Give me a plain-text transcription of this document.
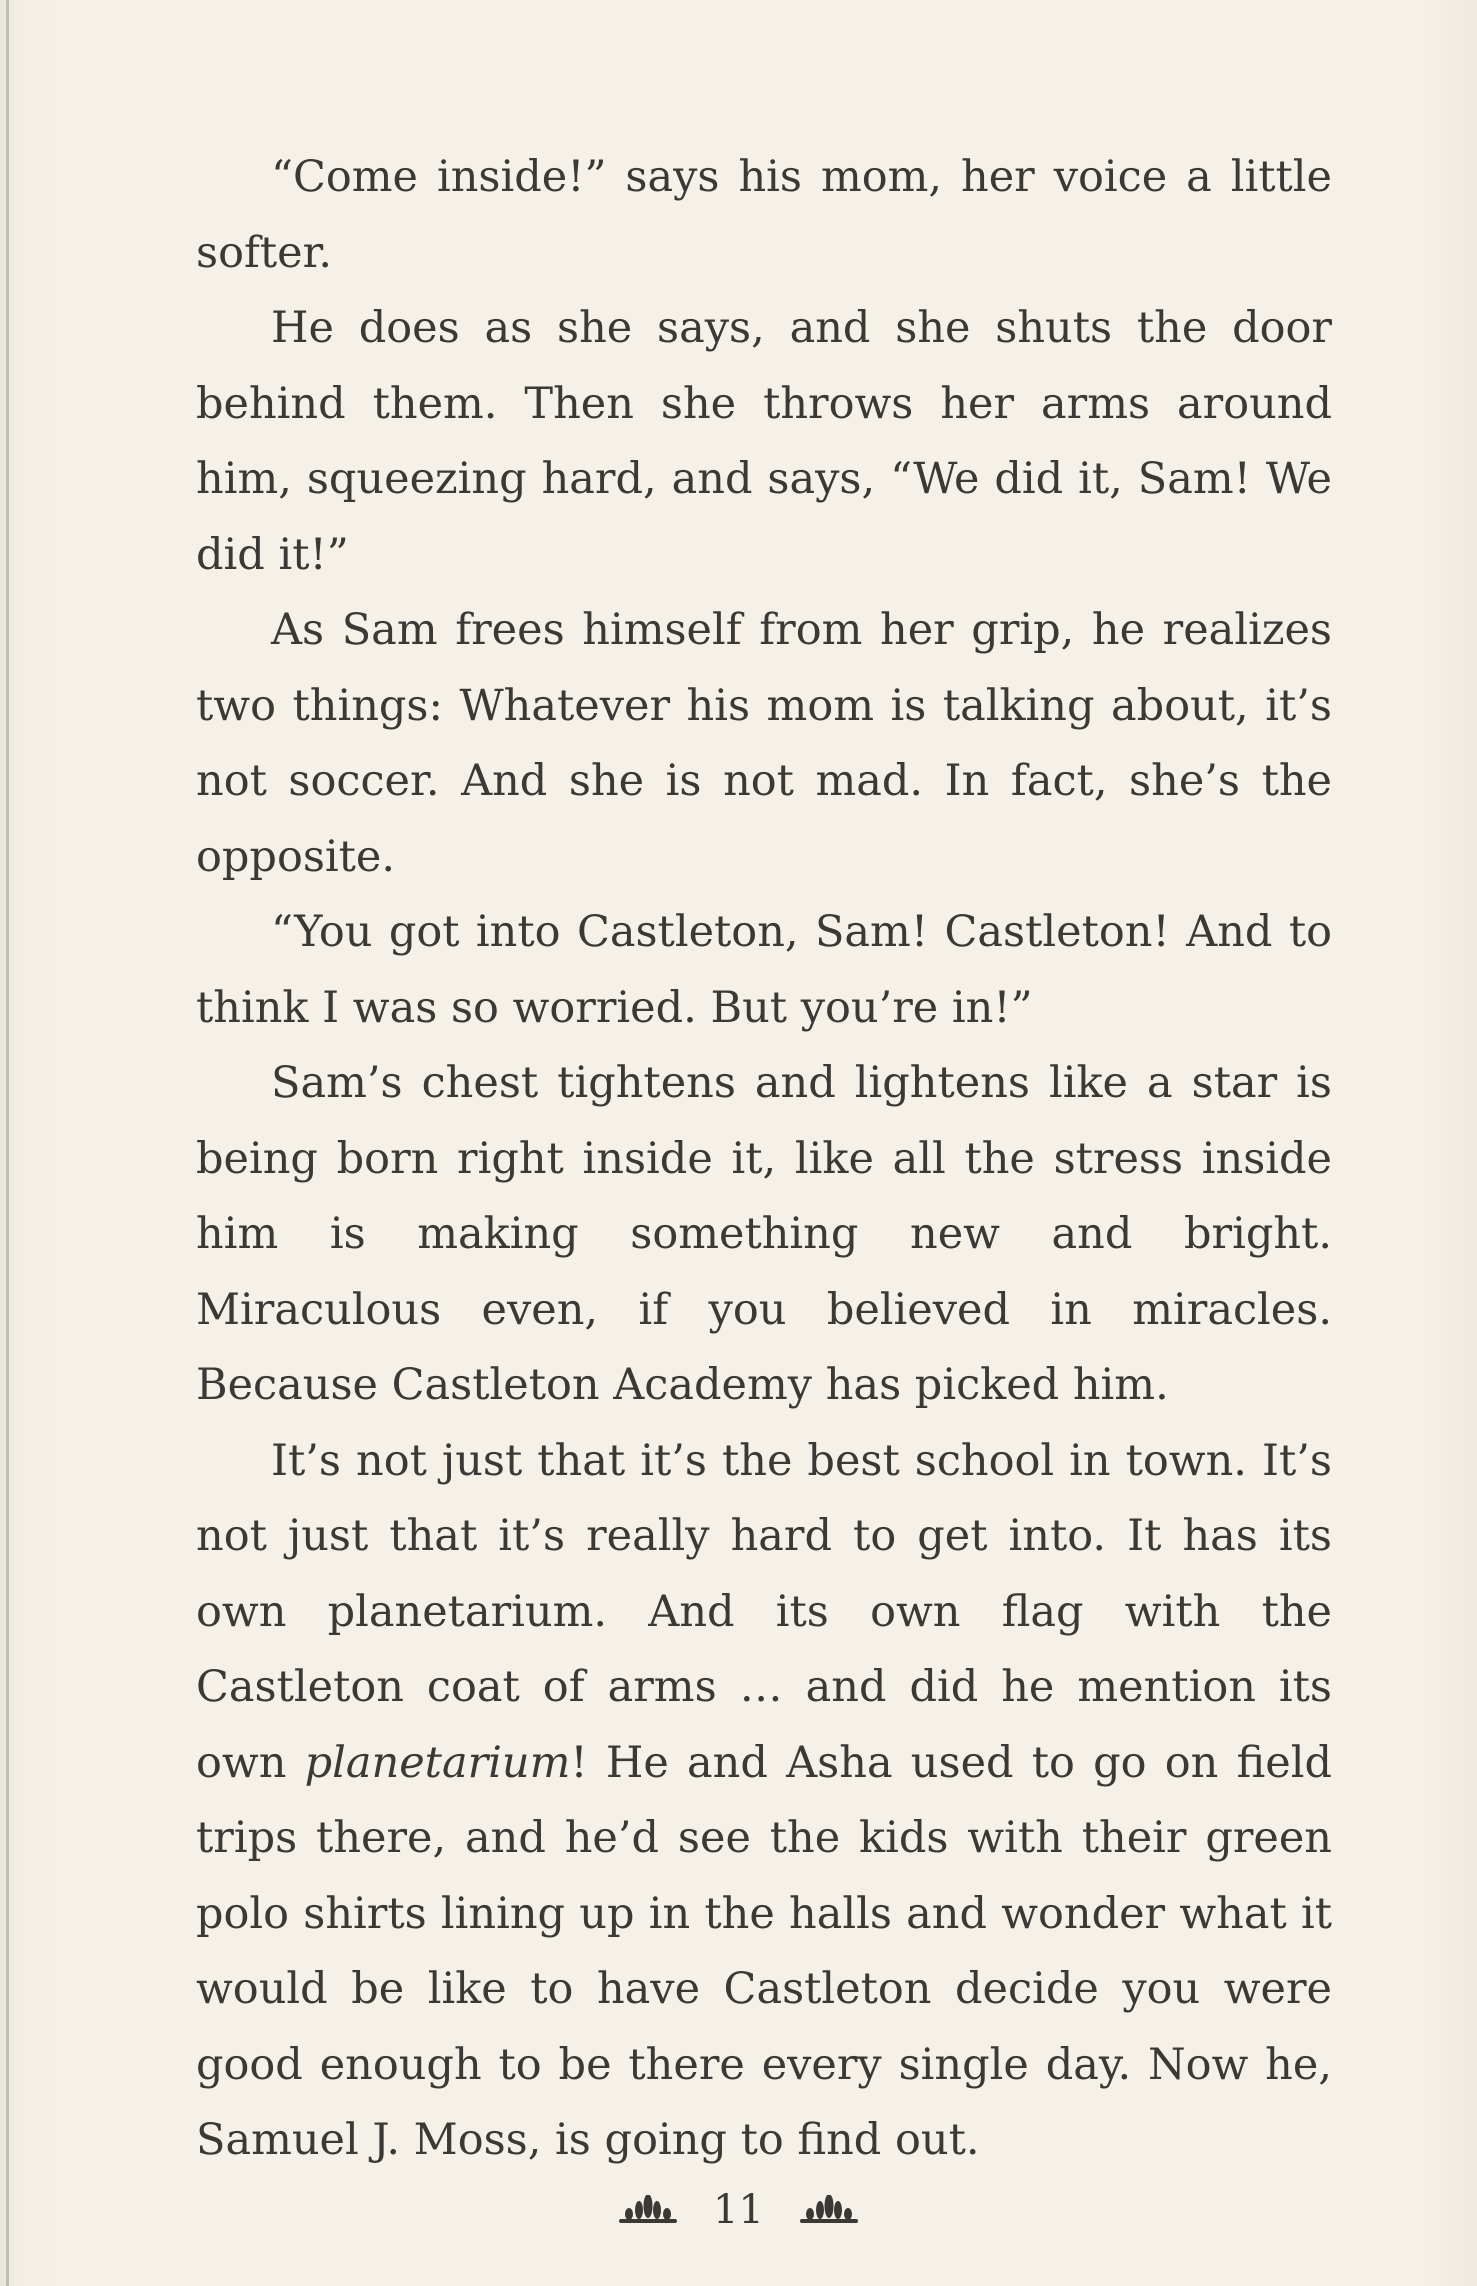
“Come inside!” says his mom, her voice a little softer.

He does as she says, and she shuts the door behind them. Then she throws her arms around him, squeezing hard, and says, “We did it, Sam! We did it!”

As Sam frees himself from her grip, he realizes two things: Whatever his mom is talking about, it’s not soccer. And she is not mad. In fact, she’s the opposite.

“You got into Castleton, Sam! Castleton! And to think I was so worried. But you’re in!”

Sam’s chest tightens and lightens like a star is being born right inside it, like all the stress inside him is making something new and bright. Miraculous even, if you believed in miracles. Because Castleton Academy has picked him.

It’s not just that it’s the best school in town. It’s not just that it’s really hard to get into. It has its own planetarium. And its own flag with the Castleton coat of arms … and did he mention its own planetarium! He and Asha used to go on field trips there, and he’d see the kids with their green polo shirts lining up in the halls and wonder what it would be like to have Castleton decide you were good enough to be there every single day. Now he, Samuel J. Moss, is going to find out.

11
